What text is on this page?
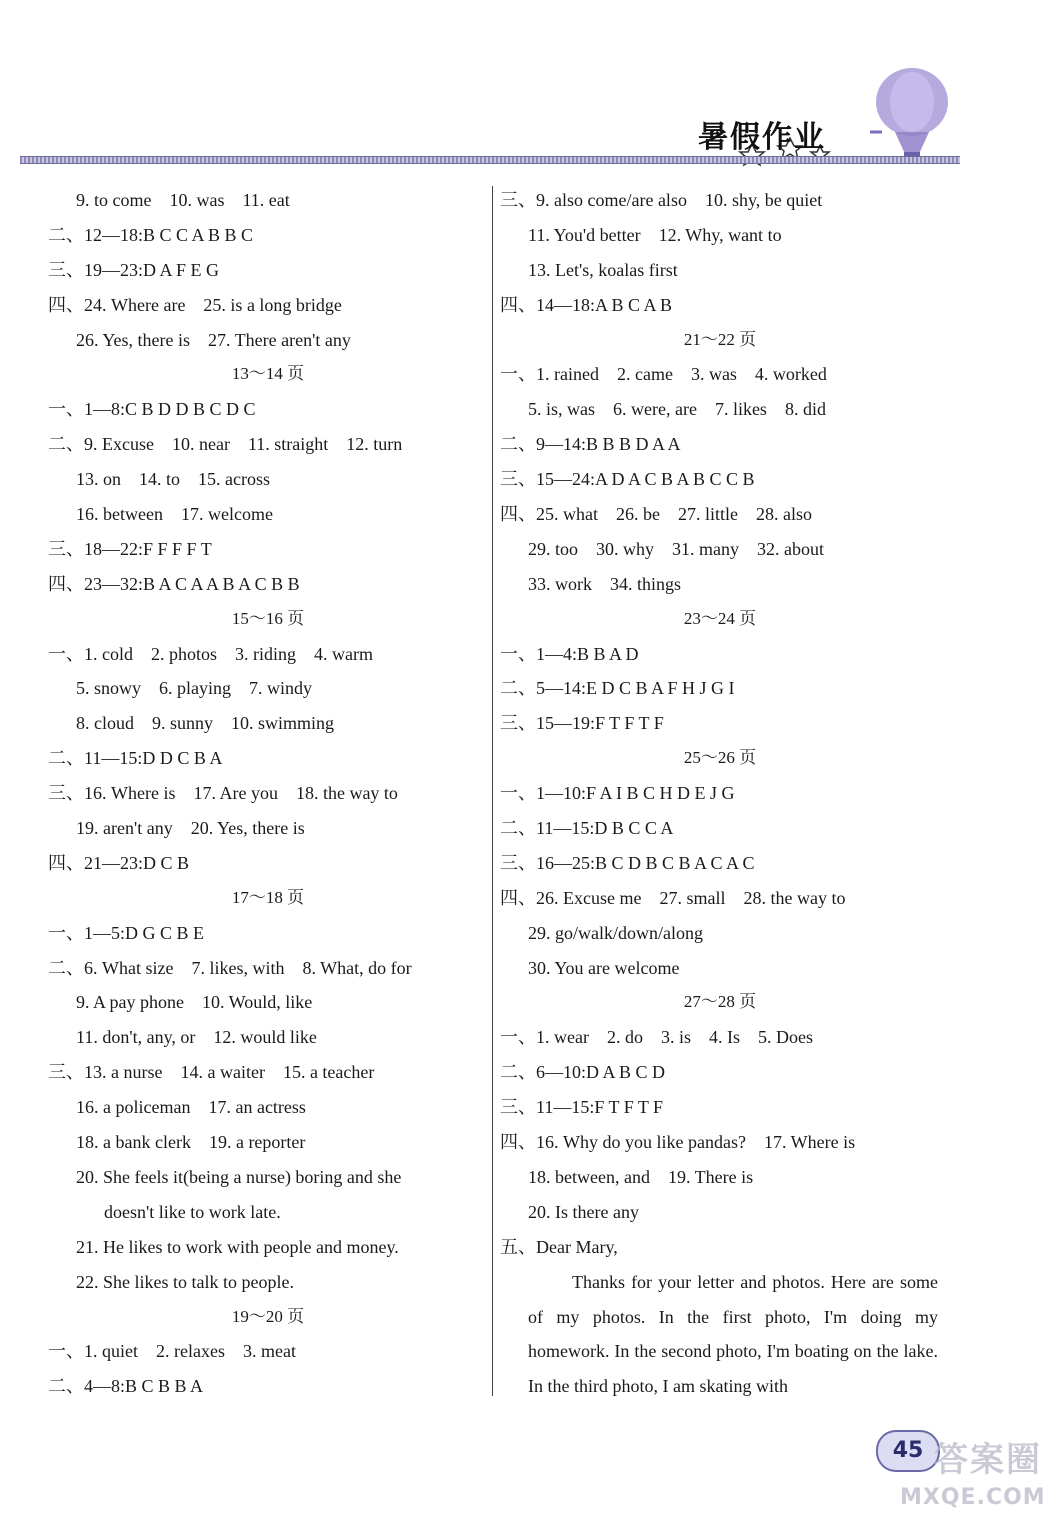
暑假作业
9. to come　10. was　11. eat
二、12—18:B C C A B B C
三、19—23:D A F E G
四、24. Where are　25. is a long bridge
26. Yes, there is　27. There aren't any
13～14 页
一、1—8:C B D D B C D C
二、9. Excuse　10. near　11. straight　12. turn
13. on　14. to　15. across
16. between　17. welcome
三、18—22:F F F F T
四、23—32:B A C A A B A C B B
15～16 页
一、1. cold　2. photos　3. riding　4. warm
5. snowy　6. playing　7. windy
8. cloud　9. sunny　10. swimming
二、11—15:D D C B A
三、16. Where is　17. Are you　18. the way to
19. aren't any　20. Yes, there is
四、21—23:D C B
17～18 页
一、1—5:D G C B E
二、6. What size　7. likes, with　8. What, do for
9. A pay phone　10. Would, like
11. don't, any, or　12. would like
三、13. a nurse　14. a waiter　15. a teacher
16. a policeman　17. an actress
18. a bank clerk　19. a reporter
20. She feels it(being a nurse) boring and she
doesn't like to work late.
21. He likes to work with people and money.
22. She likes to talk to people.
19～20 页
一、1. quiet　2. relaxes　3. meat
二、4—8:B C B B A
三、9. also come/are also　10. shy, be quiet
11. You'd better　12. Why, want to
13. Let's, koalas first
四、14—18:A B C A B
21～22 页
一、1. rained　2. came　3. was　4. worked
5. is, was　6. were, are　7. likes　8. did
二、9—14:B B B D A A
三、15—24:A D A C B A B C C B
四、25. what　26. be　27. little　28. also
29. too　30. why　31. many　32. about
33. work　34. things
23～24 页
一、1—4:B B A D
二、5—14:E D C B A F H J G I
三、15—19:F T F T F
25～26 页
一、1—10:F A I B C H D E J G
二、11—15:D B C C A
三、16—25:B C D B C B A C A C
四、26. Excuse me　27. small　28. the way to
29. go/walk/down/along
30. You are welcome
27～28 页
一、1. wear　2. do　3. is　4. Is　5. Does
二、6—10:D A B C D
三、11—15:F T F T F
四、16. Why do you like pandas?　17. Where is
18. between, and　19. There is
20. Is there any
五、Dear Mary,
Thanks for your letter and photos. Here are some of my photos. In the first photo, I'm doing my homework. In the second photo, I'm boating on the lake. In the third photo, I am skating with
45 答案圈
MXQE.COM
